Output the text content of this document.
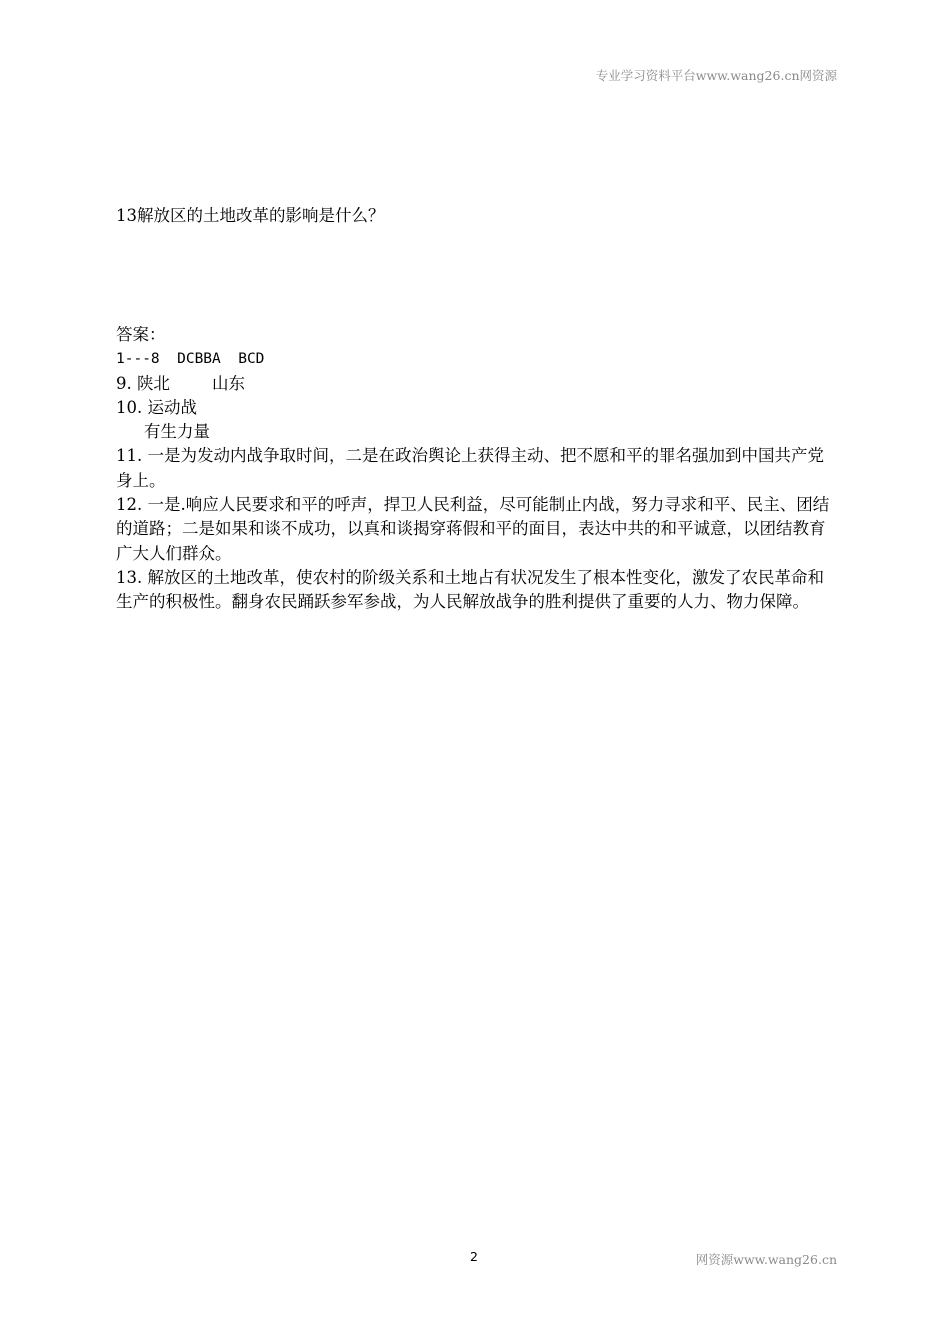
专业学习资料平台www.wang26.cn网资源
13解放区的土地改革的影响是什么？

答案：

1---8  DCBBA  BCD

9. 陕北        山东

10. 运动战

有生力量

11. 一是为发动内战争取时间，二是在政治舆论上获得主动、把不愿和平的罪名强加到中国共产党身上。

12. 一是.响应人民要求和平的呼声，捍卫人民利益，尽可能制止内战，努力寻求和平、民主、团结的道路；二是如果和谈不成功，以真和谈揭穿蒋假和平的面目，表达中共的和平诚意，以团结教育广大人们群众。

13. 解放区的土地改革，使农村的阶级关系和土地占有状况发生了根本性变化，激发了农民革命和生产的积极性。翻身农民踊跃参军参战，为人民解放战争的胜利提供了重要的人力、物力保障。

2	网资源www.wang26.cn
